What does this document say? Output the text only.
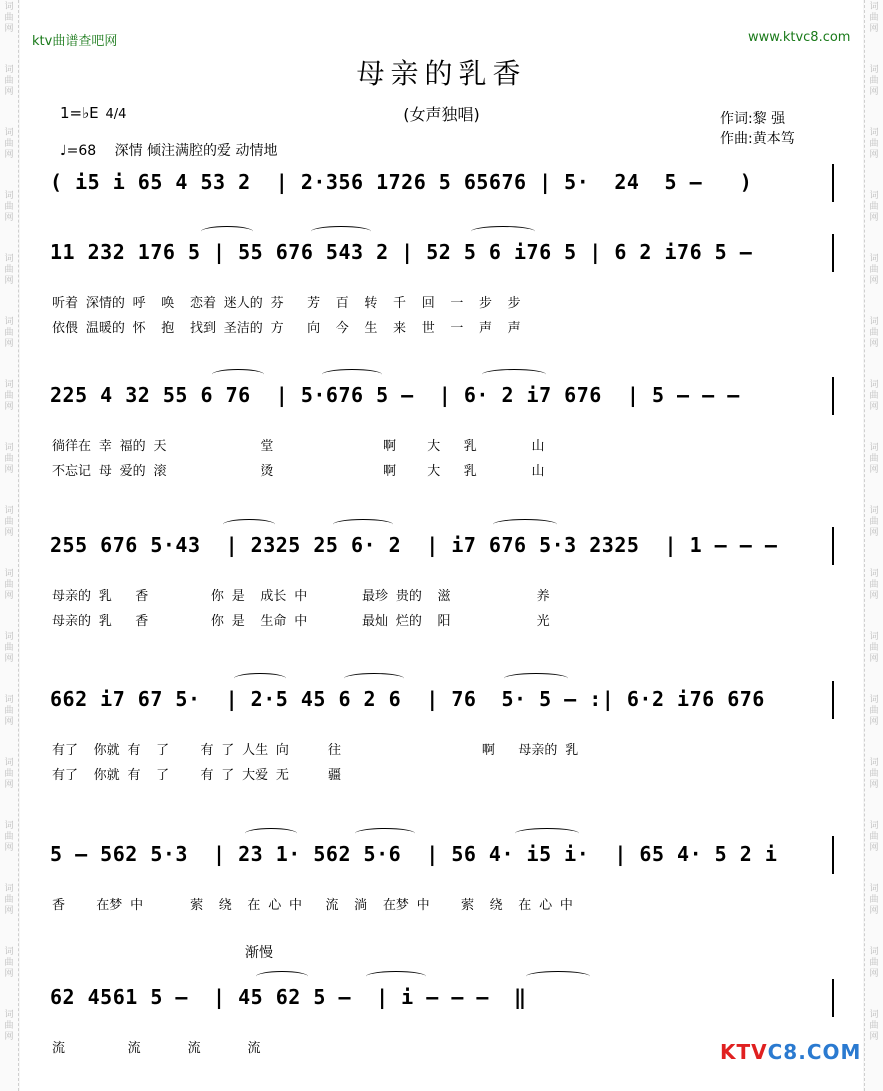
词
曲
网
词
曲
网
词
曲
网
词
曲
网
词
曲
网
词
曲
网
词
曲
网
词
曲
网
词
曲
网
词
曲
网
词
曲
网
词
曲
网
词
曲
网
词
曲
网
词
曲
网
词
曲
网
词
曲
网
词
曲
网
词
曲
网
词
曲
网
词
曲
网
词
曲
网
词
曲
网
词
曲
网
词
曲
网
词
曲
网
词
曲
网
词
曲
网
词
曲
网
词
曲
网
词
曲
网
词
曲
网
词
曲
网
词
曲
网
ktv曲谱查吧网	www.ktvc8.com
母亲的乳香
(女声独唱)	作词:黎 强
作曲:黄本笃
1=♭E 4/4
♩=68 深情 倾注满腔的爱 动情地
渐慢
( i5 i 65 4 53 2  | 2·356 1726 5 65676 | 5·  24  5 —   )
11 232 176 5 | 55 676 543 2 | 52 5 6 i76 5 | 6 2 i76 5 —
听着 深情的 呼  唤  恋着 迷人的 芬   芳  百  转  千  回  一  步  步
依偎 温暖的 怀  抱  找到 圣洁的 方   向  今  生  来  世  一  声  声
225 4 32 55 6 76  | 5·676 5 —  | 6· 2 i7 676  | 5 — — —
徜徉在 幸 福的 天            堂              啊    大   乳       山
不忘记 母 爱的 滚            烫              啊    大   乳       山
255 676 5·43  | 2325 25 6· 2  | i7 676 5·3 2325  | 1 — — —
母亲的 乳   香        你 是  成长 中       最珍 贵的  滋           养
母亲的 乳   香        你 是  生命 中       最灿 烂的  阳           光
662 i7 67 5·  | 2·5 45 6 2 6  | 76  5· 5 — :| 6·2 i76 676
有了  你就 有  了    有 了 人生 向     往                  啊   母亲的 乳
有了  你就 有  了    有 了 大爱 无     疆
5 — 562 5·3  | 23 1· 562 5·6  | 56 4· i5 i·  | 65 4· 5 2 i
香    在梦 中      萦  绕  在 心 中   流  淌  在梦 中    萦  绕  在 心 中
62 4561 5 —  | 45 62 5 —  | i — — —  ‖
流        流      流      流	KTVC8.COM
